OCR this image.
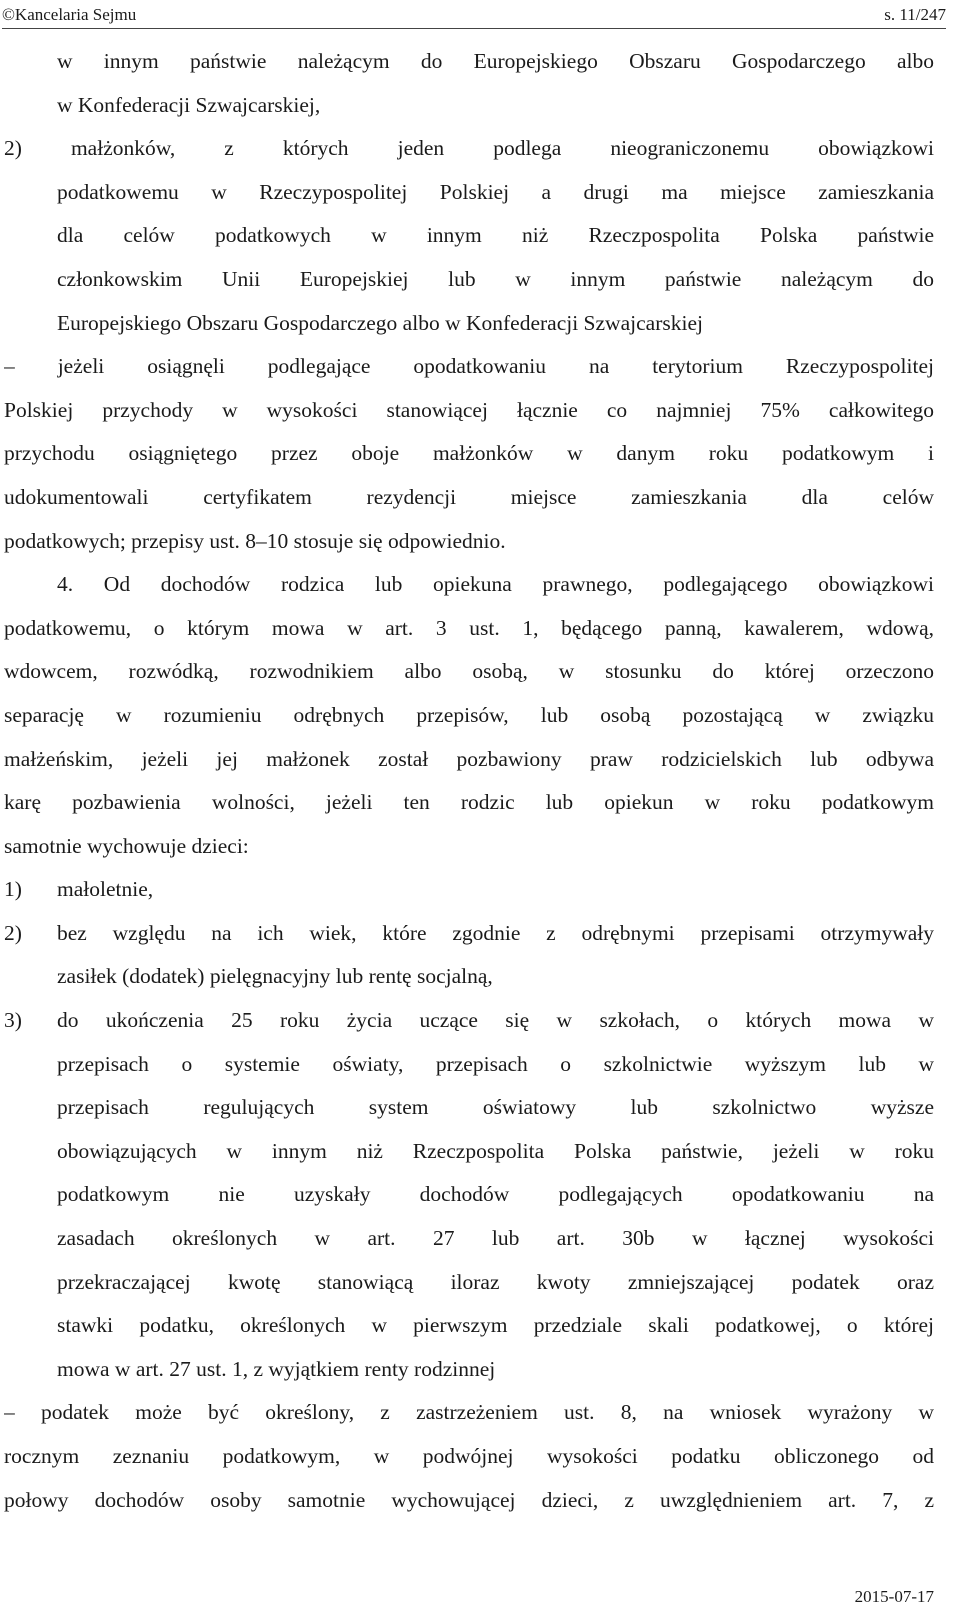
©Kancelaria Sejmu	s. 11/247
w innym państwie należącym do Europejskiego Obszaru Gospodarczego albo
w Konfederacji Szwajcarskiej,
2) małżonków, z których jeden podlega nieograniczonemu obowiązkowi
podatkowemu w Rzeczypospolitej Polskiej a drugi ma miejsce zamieszkania
dla celów podatkowych w innym niż Rzeczpospolita Polska państwie
członkowskim Unii Europejskiej lub w innym państwie należącym do
Europejskiego Obszaru Gospodarczego albo w Konfederacji Szwajcarskiej
– jeżeli osiągnęli podlegające opodatkowaniu na terytorium Rzeczypospolitej
Polskiej przychody w wysokości stanowiącej łącznie co najmniej 75% całkowitego
przychodu osiągniętego przez oboje małżonków w danym roku podatkowym i
udokumentowali certyfikatem rezydencji miejsce zamieszkania dla celów
podatkowych; przepisy ust. 8–10 stosuje się odpowiednio.
4. Od dochodów rodzica lub opiekuna prawnego, podlegającego obowiązkowi
podatkowemu, o którym mowa w art. 3 ust. 1, będącego panną, kawalerem, wdową,
wdowcem, rozwódką, rozwodnikiem albo osobą, w stosunku do której orzeczono
separację w rozumieniu odrębnych przepisów, lub osobą pozostającą w związku
małżeńskim, jeżeli jej małżonek został pozbawiony praw rodzicielskich lub odbywa
karę pozbawienia wolności, jeżeli ten rodzic lub opiekun w roku podatkowym
samotnie wychowuje dzieci:
1) małoletnie,
2) bez względu na ich wiek, które zgodnie z odrębnymi przepisami otrzymywały
zasiłek (dodatek) pielęgnacyjny lub rentę socjalną,
3) do ukończenia 25 roku życia uczące się w szkołach, o których mowa w
przepisach o systemie oświaty, przepisach o szkolnictwie wyższym lub w
przepisach regulujących system oświatowy lub szkolnictwo wyższe
obowiązujących w innym niż Rzeczpospolita Polska państwie, jeżeli w roku
podatkowym nie uzyskały dochodów podlegających opodatkowaniu na
zasadach określonych w art. 27 lub art. 30b w łącznej wysokości
przekraczającej kwotę stanowiącą iloraz kwoty zmniejszającej podatek oraz
stawki podatku, określonych w pierwszym przedziale skali podatkowej, o której
mowa w art. 27 ust. 1, z wyjątkiem renty rodzinnej
– podatek może być określony, z zastrzeżeniem ust. 8, na wniosek wyrażony w
rocznym zeznaniu podatkowym, w podwójnej wysokości podatku obliczonego od
połowy dochodów osoby samotnie wychowującej dzieci, z uwzględnieniem art. 7, z
2015-07-17
